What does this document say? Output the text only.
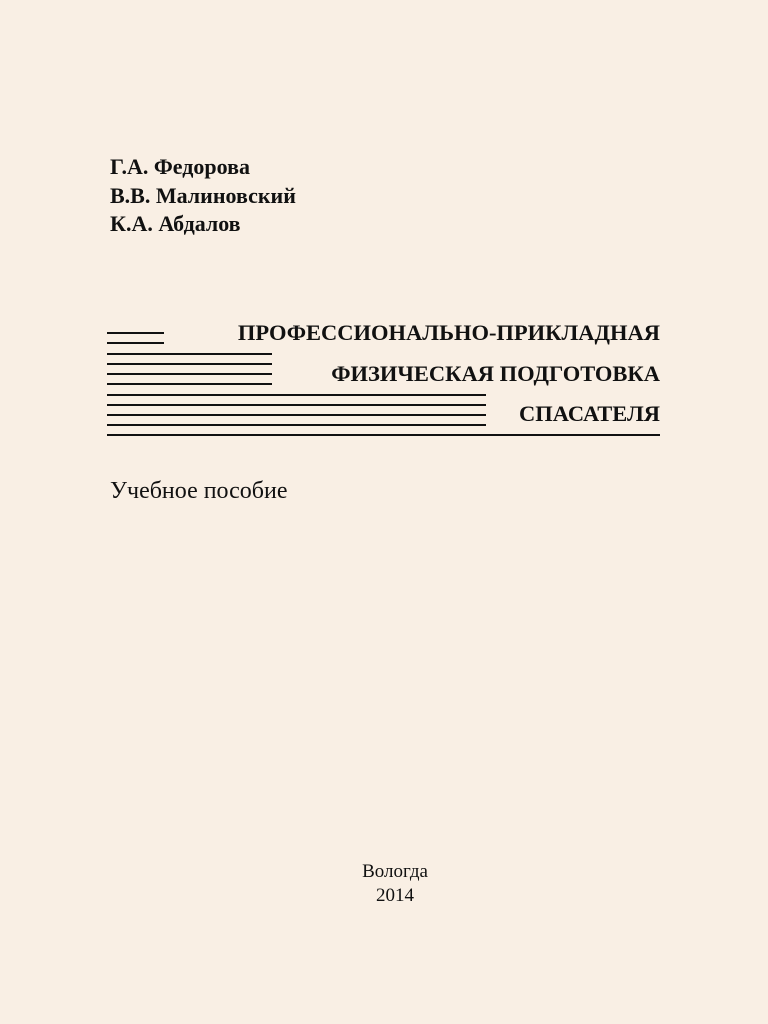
Г.А. Федорова
В.В. Малиновский
К.А. Абдалов
ПРОФЕССИОНАЛЬНО-ПРИКЛАДНАЯ
ФИЗИЧЕСКАЯ ПОДГОТОВКА
СПАСАТЕЛЯ
Учебное пособие
Вологда
2014
